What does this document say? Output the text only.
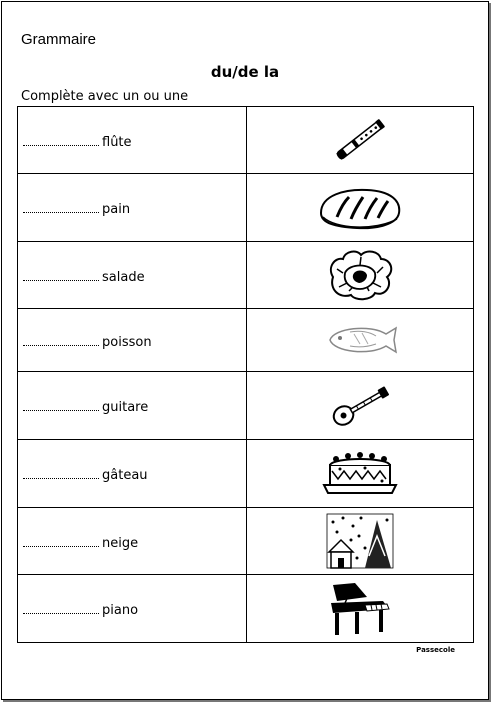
Grammaire
du/de la
Complète avec un ou une
flûte	

pain	

salade	

poisson	

guitare	

gâteau	

neige	

piano	
Passecole
